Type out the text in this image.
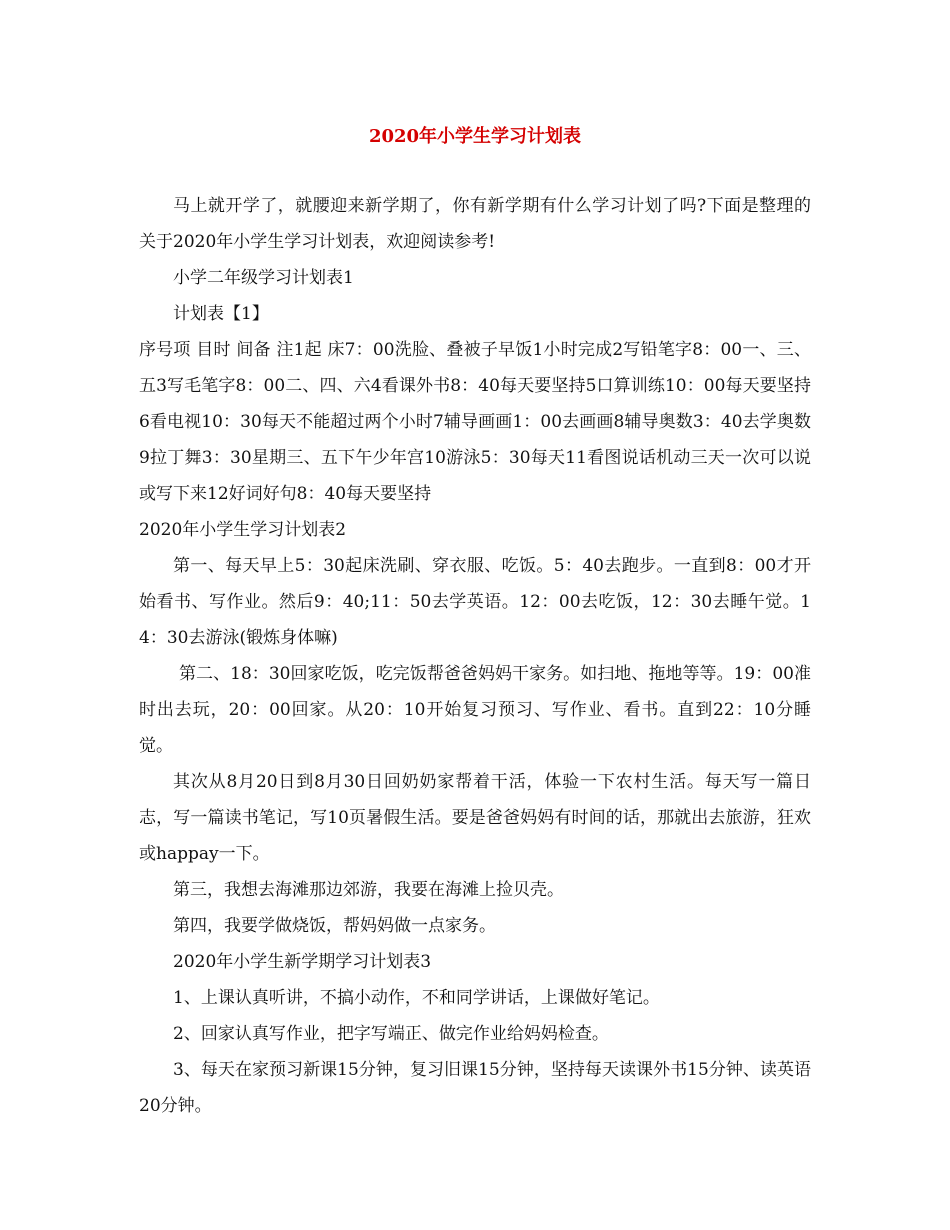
2020年小学生学习计划表

马上就开学了，就腰迎来新学期了，你有新学期有什么学习计划了吗?下面是整理的关于2020年小学生学习计划表，欢迎阅读参考!

小学二年级学习计划表1

计划表【1】

序号项 目时 间备 注1起 床7：00洗脸、叠被子早饭1小时完成2写铅笔字8：00一、三、五3写毛笔字8：00二、四、六4看课外书8：40每天要坚持5口算训练10：00每天要坚持6看电视10：30每天不能超过两个小时7辅导画画1：00去画画8辅导奥数3：40去学奥数9拉丁舞3：30星期三、五下午少年宫10游泳5：30每天11看图说话机动三天一次可以说或写下来12好词好句8：40每天要坚持

2020年小学生学习计划表2

第一、每天早上5：30起床洗刷、穿衣服、吃饭。5：40去跑步。一直到8：00才开始看书、写作业。然后9：40;11：50去学英语。12：00去吃饭，12：30去睡午觉。14：30去游泳(锻炼身体嘛)

第二、18：30回家吃饭，吃完饭帮爸爸妈妈干家务。如扫地、拖地等等。19：00准时出去玩，20：00回家。从20：10开始复习预习、写作业、看书。直到22：10分睡觉。

其次从8月20日到8月30日回奶奶家帮着干活，体验一下农村生活。每天写一篇日志，写一篇读书笔记，写10页暑假生活。要是爸爸妈妈有时间的话，那就出去旅游，狂欢或happay一下。

第三，我想去海滩那边郊游，我要在海滩上捡贝壳。

第四，我要学做烧饭，帮妈妈做一点家务。

2020年小学生新学期学习计划表3

1、上课认真听讲，不搞小动作，不和同学讲话，上课做好笔记。

2、回家认真写作业，把字写端正、做完作业给妈妈检查。

3、每天在家预习新课15分钟，复习旧课15分钟，坚持每天读课外书15分钟、读英语20分钟。
